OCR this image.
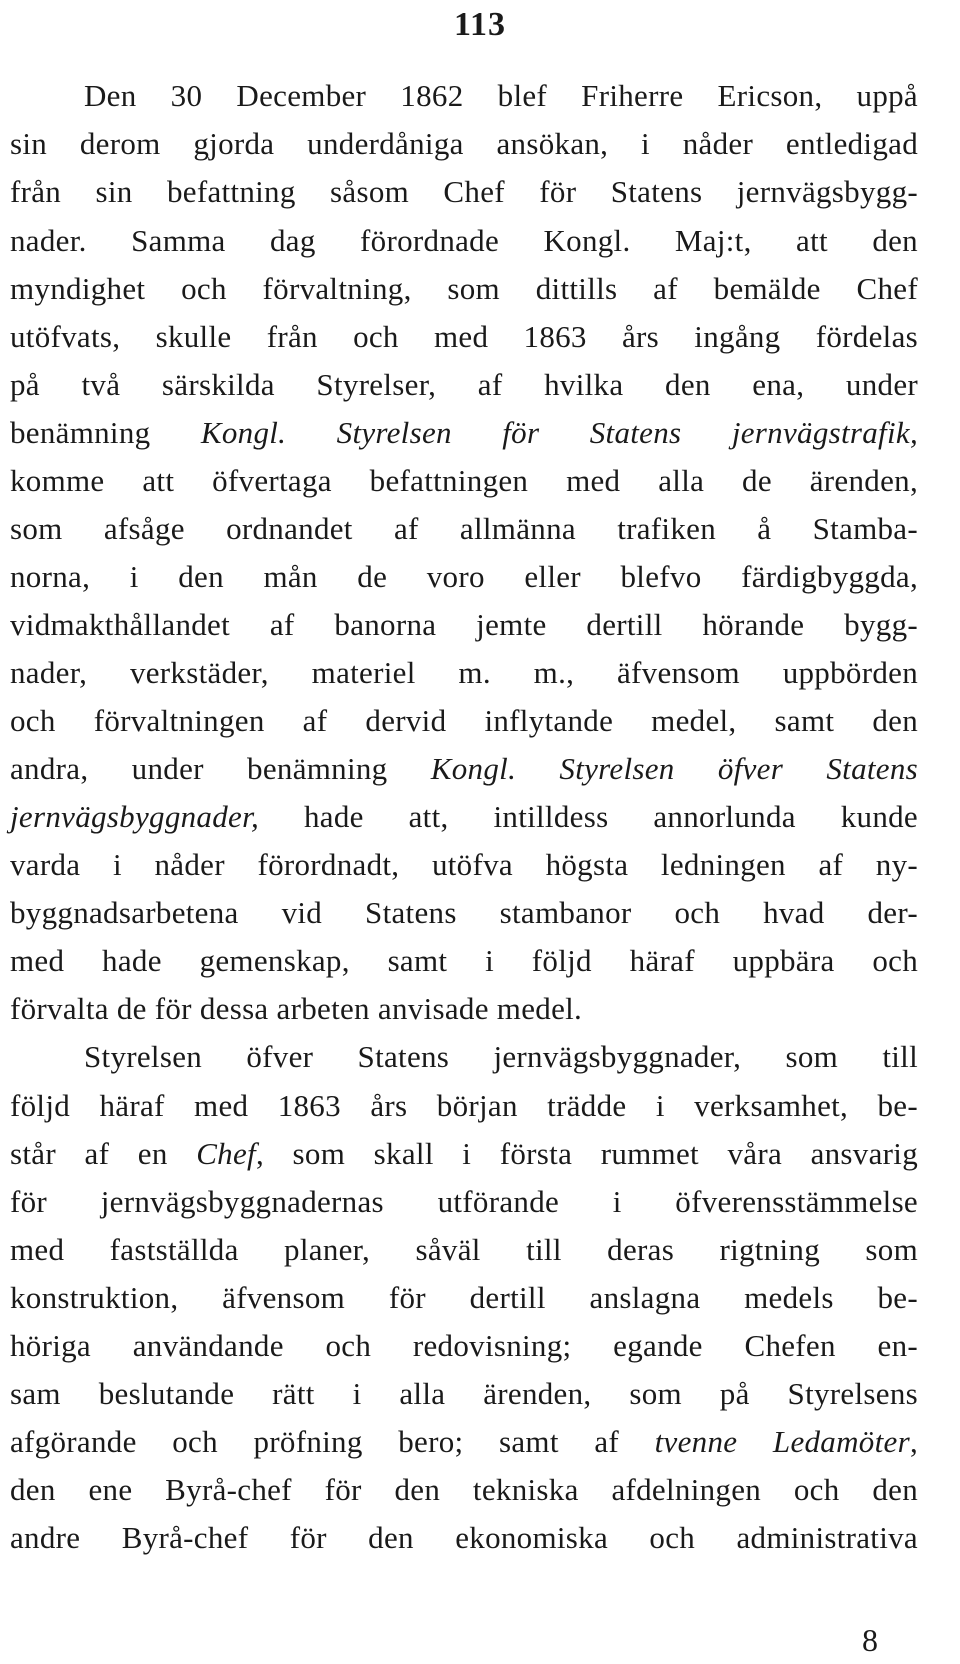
113
Den 30 December 1862 blef Friherre Ericson, uppå
sin derom gjorda underdåniga ansökan, i nåder entledigad
från sin befattning såsom Chef för Statens jernvägsbygg-
nader. Samma dag förordnade Kongl. Maj:t, att den
myndighet och förvaltning, som dittills af bemälde Chef
utöfvats, skulle från och med 1863 års ingång fördelas
på två särskilda Styrelser, af hvilka den ena, under
benämning Kongl. Styrelsen för Statens jernvägstrafik,
komme att öfvertaga befattningen med alla de ärenden,
som afsåge ordnandet af allmänna trafiken å Stamba-
norna, i den mån de voro eller blefvo färdigbyggda,
vidmakthållandet af banorna jemte dertill hörande bygg-
nader, verkstäder, materiel m. m., äfvensom uppbörden
och förvaltningen af dervid inflytande medel, samt den
andra, under benämning Kongl. Styrelsen öfver Statens
jernvägsbyggnader, hade att, intilldess annorlunda kunde
varda i nåder förordnadt, utöfva högsta ledningen af ny-
byggnadsarbetena vid Statens stambanor och hvad der-
med hade gemenskap, samt i följd häraf uppbära och
förvalta de för dessa arbeten anvisade medel.
Styrelsen öfver Statens jernvägsbyggnader, som till
följd häraf med 1863 års början trädde i verksamhet, be-
står af en Chef, som skall i första rummet våra ansvarig
för jernvägsbyggnadernas utförande i öfverensstämmelse
med fastställda planer, såväl till deras rigtning som
konstruktion, äfvensom för dertill anslagna medels be-
höriga användande och redovisning; egande Chefen en-
sam beslutande rätt i alla ärenden, som på Styrelsens
afgörande och pröfning bero; samt af tvenne Ledamöter,
den ene Byrå-chef för den tekniska afdelningen och den
andre Byrå-chef för den ekonomiska och administrativa
8
